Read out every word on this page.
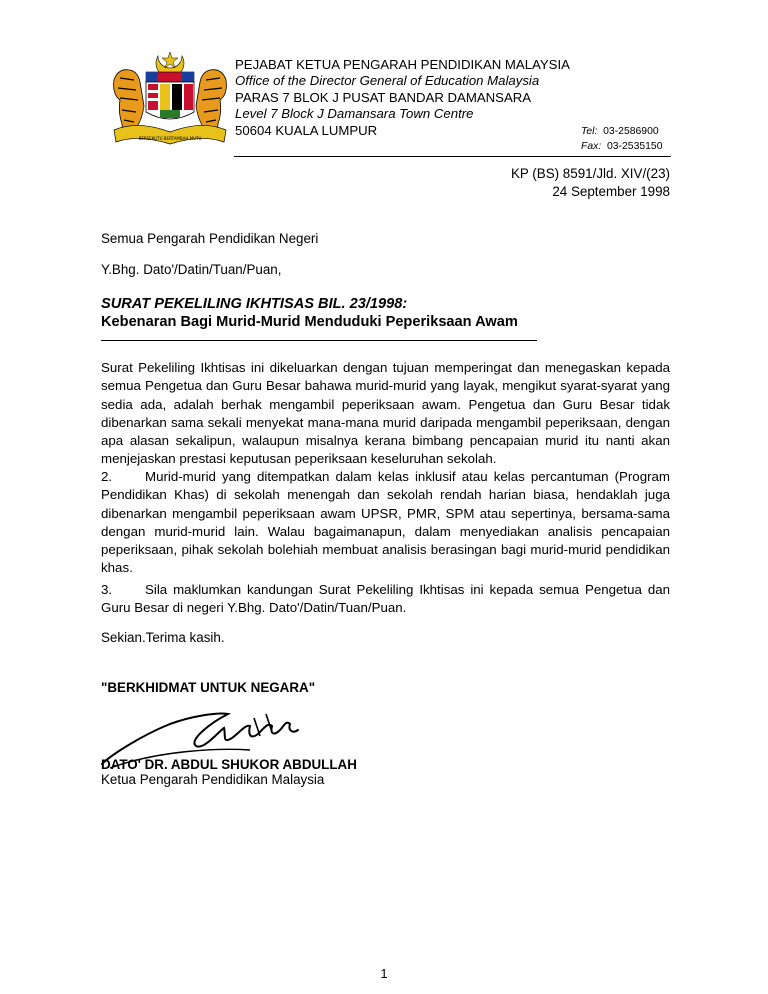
BERSEKUTU BERTAMBAH MUTU
PEJABAT KETUA PENGARAH PENDIDIKAN MALAYSIA
Office of the Director General of Education Malaysia
PARAS 7 BLOK J PUSAT BANDAR DAMANSARA
Level 7 Block J Damansara Town Centre
50604 KUALA LUMPUR	Tel: 03-2586900
Fax: 03-2535150
KP (BS) 8591/Jld. XIV/(23)
24 September 1998
Semua Pengarah Pendidikan Negeri
Y.Bhg. Dato'/Datin/Tuan/Puan,
SURAT PEKELILING IKHTISAS BIL. 23/1998:
Kebenaran Bagi Murid-Murid Menduduki Peperiksaan Awam
Surat Pekeliling Ikhtisas ini dikeluarkan dengan tujuan memperingat dan menegaskan kepada semua Pengetua dan Guru Besar bahawa murid-murid yang layak, mengikut syarat-syarat yang sedia ada, adalah berhak mengambil peperiksaan awam. Pengetua dan Guru Besar tidak dibenarkan sama sekali menyekat mana-mana murid daripada mengambil peperiksaan, dengan apa alasan sekalipun, walaupun misalnya kerana bimbang pencapaian murid itu nanti akan menjejaskan prestasi keputusan peperiksaan keseluruhan sekolah.
2. Murid-murid yang ditempatkan dalam kelas inklusif atau kelas percantuman (Program Pendidikan Khas) di sekolah menengah dan sekolah rendah harian biasa, hendaklah juga dibenarkan mengambil peperiksaan awam UPSR, PMR, SPM atau sepertinya, bersama-sama dengan murid-murid lain. Walau bagaimanapun, dalam menyediakan analisis pencapaian peperiksaan, pihak sekolah bolehiah membuat analisis berasingan bagi murid-murid pendidikan khas.
3. Sila maklumkan kandungan Surat Pekeliling Ikhtisas ini kepada semua Pengetua dan Guru Besar di negeri Y.Bhg. Dato'/Datin/Tuan/Puan.
Sekian.Terima kasih.
"BERKHIDMAT UNTUK NEGARA"
DATO' DR. ABDUL SHUKOR ABDULLAH
Ketua Pengarah Pendidikan Malaysia
1
